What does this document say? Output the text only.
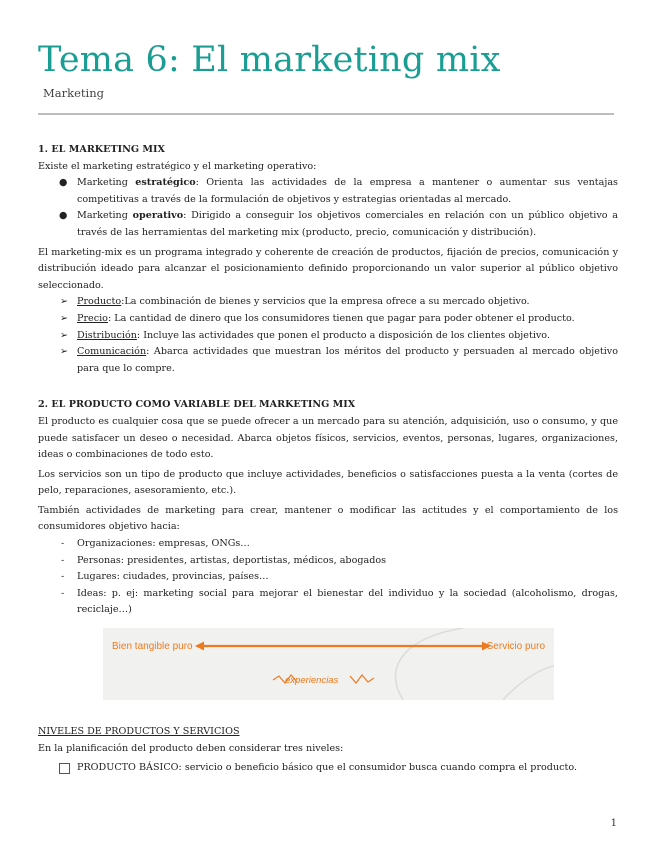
Tema 6: El marketing mix
Marketing

1. EL MARKETING MIX

Existe el marketing estratégico y el marketing operativo:

● Marketing estratégico: Orienta las actividades de la empresa a mantener o aumentar sus ventajas competitivas a través de la formulación de objetivos y estrategias orientadas al mercado.
● Marketing operativo: Dirigido a conseguir los objetivos comerciales en relación con un público objetivo a través de las herramientas del marketing mix (producto, precio, comunicación y distribución).

El marketing-mix es un programa integrado y coherente de creación de productos, fijación de precios, comunicación y distribución ideado para alcanzar el posicionamiento definido proporcionando un valor superior al público objetivo seleccionado.

➢ Producto:La combinación de bienes y servicios que la empresa ofrece a su mercado objetivo.
➢ Precio: La cantidad de dinero que los consumidores tienen que pagar para poder obtener el producto.
➢ Distribución: Incluye las actividades que ponen el producto a disposición de los clientes objetivo.
➢ Comunicación: Abarca actividades que muestran los méritos del producto y persuaden al mercado objetivo para que lo compre.

2. EL PRODUCTO COMO VARIABLE DEL MARKETING MIX

El producto es cualquier cosa que se puede ofrecer a un mercado para su atención, adquisición, uso o consumo, y que puede satisfacer un deseo o necesidad. Abarca objetos físicos, servicios, eventos, personas, lugares, organizaciones, ideas o combinaciones de todo esto.

Los servicios son un tipo de producto que incluye actividades, beneficios o satisfacciones puesta a la venta (cortes de pelo, reparaciones, asesoramiento, etc.).

También actividades de marketing para crear, mantener o modificar las actitudes y el comportamiento de los consumidores objetivo hacia:

- Organizaciones: empresas, ONGs…
- Personas: presidentes, artistas, deportistas, médicos, abogados
- Lugares: ciudades, provincias, países…
- Ideas: p. ej: marketing social para mejorar el bienestar del individuo y la sociedad (alcoholismo, drogas, reciclaje…)
Bien tangible puro	Servicio puro
experiencias

NIVELES DE PRODUCTOS Y SERVICIOS

En la planificación del producto deben considerar tres niveles:

PRODUCTO BÁSICO: servicio o beneficio básico que el consumidor busca cuando compra el producto.
1
